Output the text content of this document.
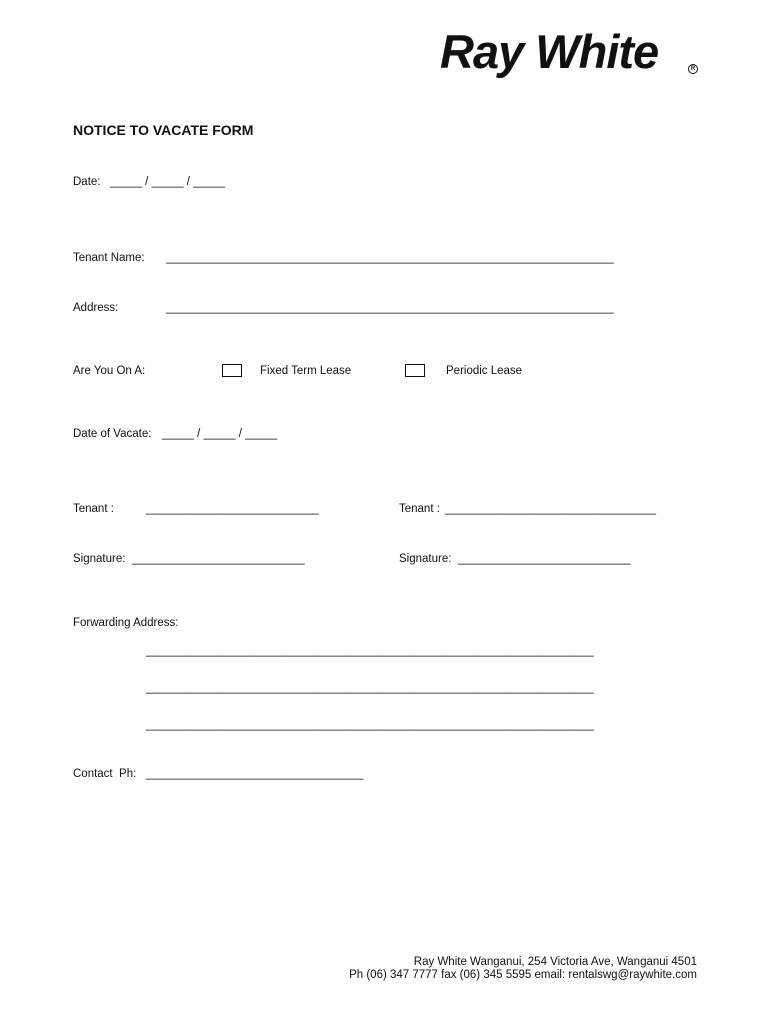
Ray White	R
NOTICE TO VACATE FORM
Date: _____ / _____ / _____
Tenant Name: ______________________________________________________________________
Address:	______________________________________________________________________
Are You On A:	Fixed Term Lease	Periodic Lease
Date of Vacate: _____ / _____ / _____
Tenant :	___________________________	Tenant : _________________________________
Signature: ___________________________	Signature: ___________________________
Forwarding Address:
______________________________________________________________________
______________________________________________________________________
______________________________________________________________________
Contact  Ph: __________________________________
Ray White Wanganui, 254 Victoria Ave, Wanganui 4501
Ph (06) 347 7777 fax (06) 345 5595 email: rentalswg@raywhite.com
